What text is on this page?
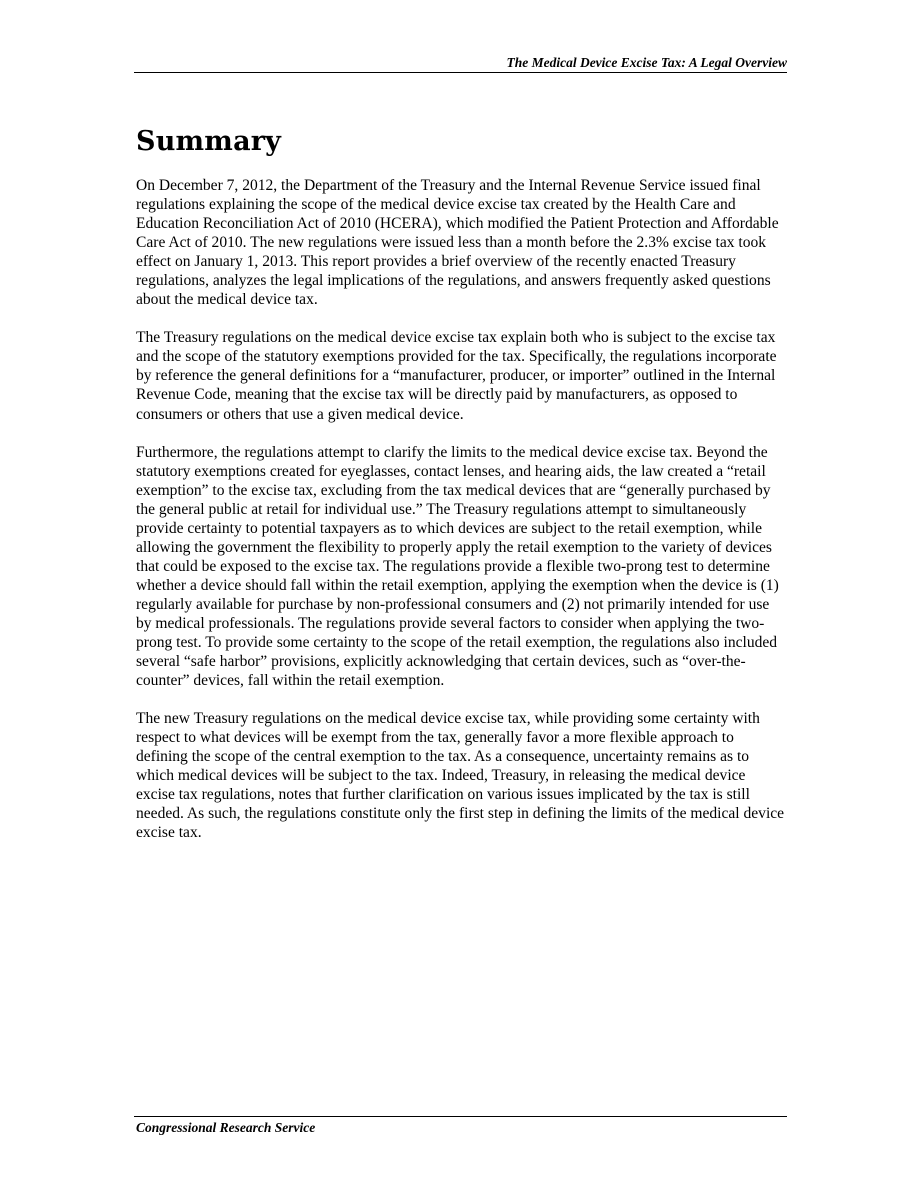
The Medical Device Excise Tax: A Legal Overview
Summary

On December 7, 2012, the Department of the Treasury and the Internal Revenue Service issued final regulations explaining the scope of the medical device excise tax created by the Health Care and Education Reconciliation Act of 2010 (HCERA), which modified the Patient Protection and Affordable Care Act of 2010. The new regulations were issued less than a month before the 2.3% excise tax took effect on January 1, 2013. This report provides a brief overview of the recently enacted Treasury regulations, analyzes the legal implications of the regulations, and answers frequently asked questions about the medical device tax.

The Treasury regulations on the medical device excise tax explain both who is subject to the excise tax and the scope of the statutory exemptions provided for the tax. Specifically, the regulations incorporate by reference the general definitions for a “manufacturer, producer, or importer” outlined in the Internal Revenue Code, meaning that the excise tax will be directly paid by manufacturers, as opposed to consumers or others that use a given medical device.

Furthermore, the regulations attempt to clarify the limits to the medical device excise tax. Beyond the statutory exemptions created for eyeglasses, contact lenses, and hearing aids, the law created a “retail exemption” to the excise tax, excluding from the tax medical devices that are “generally purchased by the general public at retail for individual use.” The Treasury regulations attempt to simultaneously provide certainty to potential taxpayers as to which devices are subject to the retail exemption, while allowing the government the flexibility to properly apply the retail exemption to the variety of devices that could be exposed to the excise tax. The regulations provide a flexible two-prong test to determine whether a device should fall within the retail exemption, applying the exemption when the device is (1) regularly available for purchase by non-professional consumers and (2) not primarily intended for use by medical professionals. The regulations provide several factors to consider when applying the two-prong test. To provide some certainty to the scope of the retail exemption, the regulations also included several “safe harbor” provisions, explicitly acknowledging that certain devices, such as “over-the-counter” devices, fall within the retail exemption.

The new Treasury regulations on the medical device excise tax, while providing some certainty with respect to what devices will be exempt from the tax, generally favor a more flexible approach to defining the scope of the central exemption to the tax. As a consequence, uncertainty remains as to which medical devices will be subject to the tax. Indeed, Treasury, in releasing the medical device excise tax regulations, notes that further clarification on various issues implicated by the tax is still needed. As such, the regulations constitute only the first step in defining the limits of the medical device excise tax.

Congressional Research Service
